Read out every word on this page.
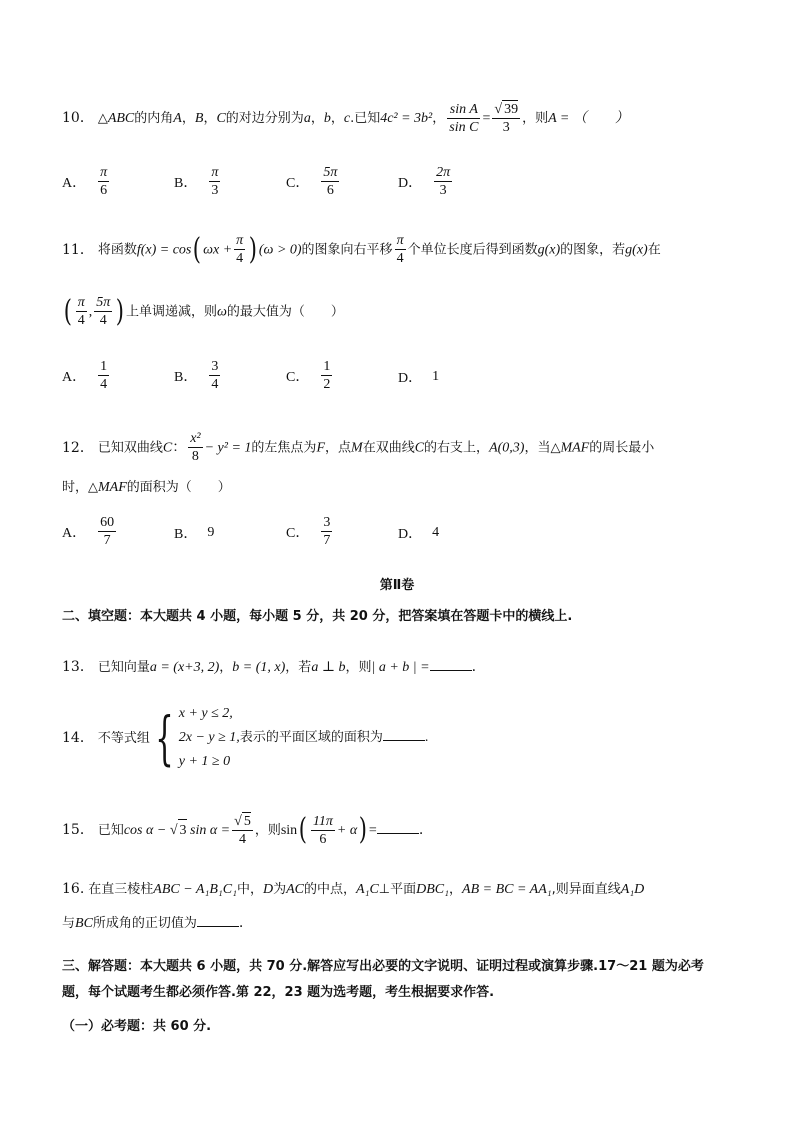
10． △ABC的内角A，B，C的对边分别为a，b，c.已知4c² = 3b²， $\frac{\text{sin A}}{\text{sin C}} = \frac{√ 39}{3}$ ，则A = （　　）
A． $\frac{\pi}{6}$	B． $\frac{\pi}{3}$	C． $\frac{5\pi}{6}$	D． $\frac{2\pi}{3}$
11． 将函数f(x) = cos( $\omega x + \frac{\pi}{4}$ ) (ω > 0)的图象向右平移 $\frac{\pi}{4}$ 个单位长度后得到函数g(x)的图象，若g(x)在
( $\frac{\pi}{4}$ , $\frac{5\pi}{4}$ ) 上单调递减，则ω的最大值为（　　）
A． $\frac{1}{4}$	B． $\frac{3}{4}$	C． $\frac{1}{2}$	D． 1
12． 已知双曲线C： $\frac{\text{x²}}{8} - y^2 = 1$的左焦点为F，点M在双曲线C的右支上，A(0,3)，当△MAF的周长最小
时，△MAF的面积为（　　）
A． $\frac{60}{7}$	B． 9	C． $\frac{3}{7}$	D． 4
第Ⅱ卷
二、填空题：本大题共 4 小题，每小题 5 分，共 20 分，把答案填在答题卡中的横线上.
13． 已知向量a = (x+3, 2)，b = (1, x)，若a ⊥ b，则| a + b | =	.
14． 不等式组{ x + y ≤ 2,
2x − y ≥ 1,表示的平面区域的面积为	.
y + 1 ≥ 0
15． 已知cos α − √ 3 $\sin \alpha = \frac{√ 5}{4}$ ，则$\sin( \frac{11\pi}{6} + \alpha)$ =	.
16. 在直三棱柱ABC − A₁B₁C₁中，D为AC的中点，A₁C⊥平面DBC₁，AB = BC = AA₁,则异面直线A₁D
与BC所成角的正切值为	.
三、解答题：本大题共 6 小题，共 70 分.解答应写出必要的文字说明、证明过程或演算步骤.17～21 题为必考
题，每个试题考生都必须作答.第 22，23 题为选考题，考生根据要求作答.
（一）必考题：共 60 分.
